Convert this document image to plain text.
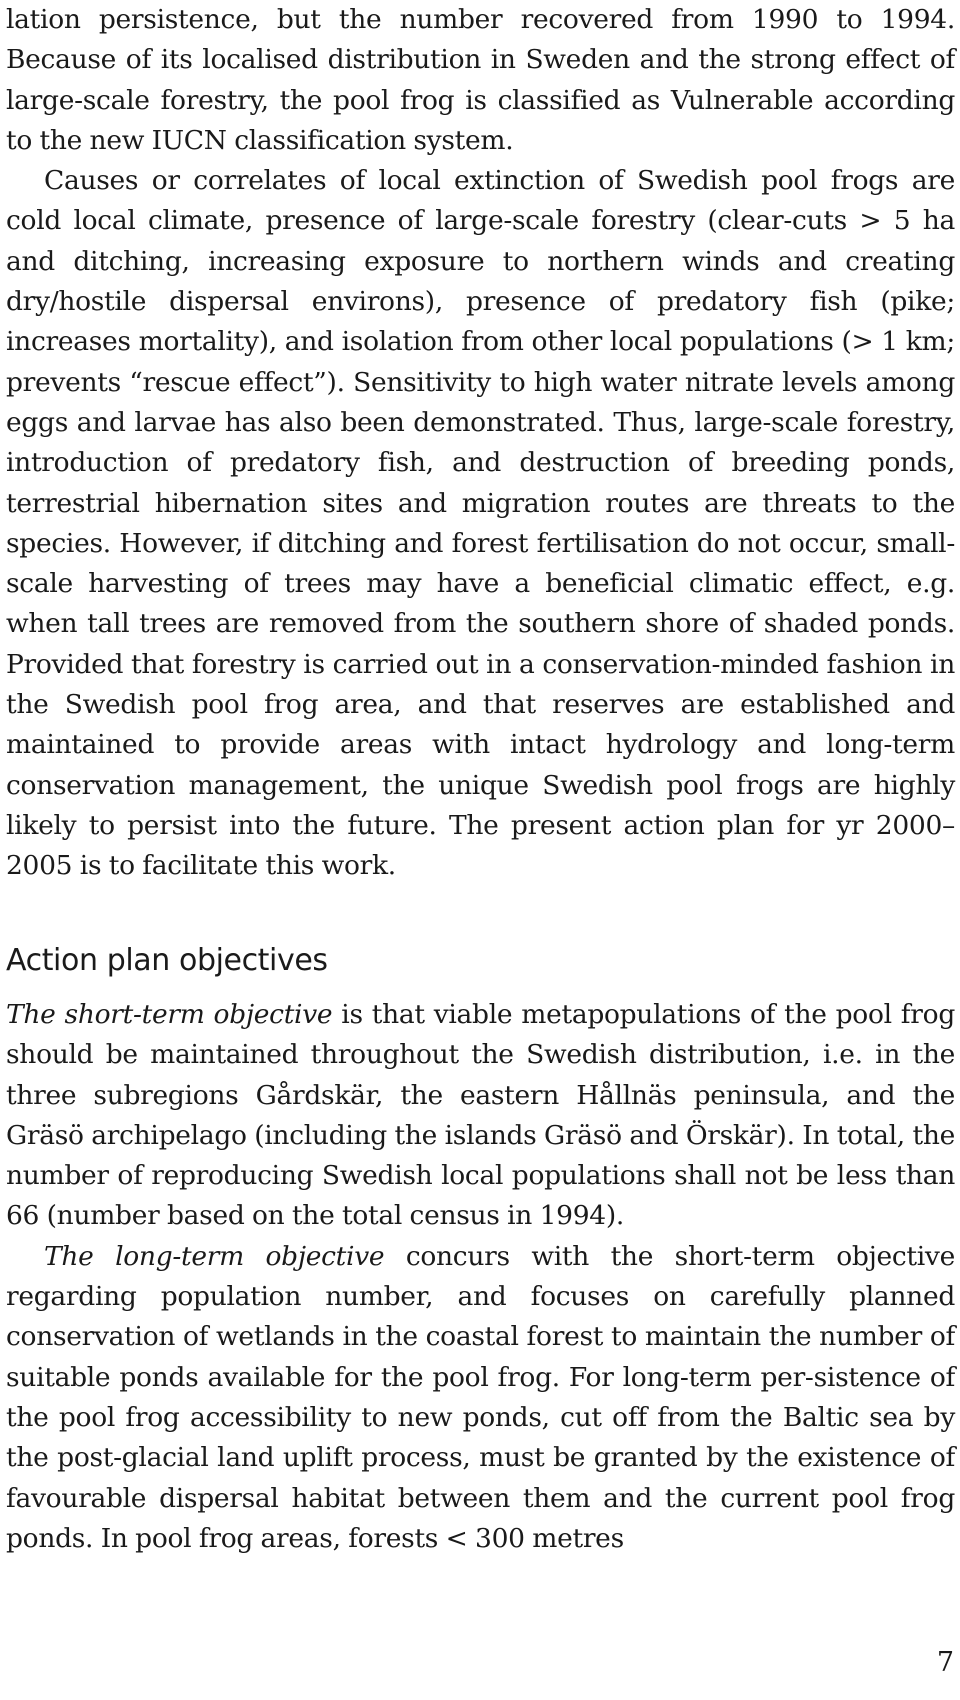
lation persistence, but the number recovered from 1990 to 1994. Because of its localised distribution in Sweden and the strong effect of large-scale forestry, the pool frog is classified as Vulnerable according to the new IUCN classification system.

Causes or correlates of local extinction of Swedish pool frogs are cold local climate, presence of large-scale forestry (clear-cuts > 5 ha and ditching, increasing exposure to northern winds and creating dry/hostile dispersal environs), presence of predatory fish (pike; increases mortality), and isolation from other local populations (> 1 km; prevents “rescue effect”). Sensitivity to high water nitrate levels among eggs and larvae has also been demonstrated. Thus, large-scale forestry, introduction of predatory fish, and destruction of breeding ponds, terrestrial hibernation sites and migration routes are threats to the species. However, if ditching and forest fertilisation do not occur, small-scale harvesting of trees may have a beneficial climatic effect, e.g. when tall trees are removed from the southern shore of shaded ponds. Provided that forestry is carried out in a conservation-minded fashion in the Swedish pool frog area, and that reserves are established and maintained to provide areas with intact hydrology and long-term conservation management, the unique Swedish pool frogs are highly likely to persist into the future. The present action plan for yr 2000–2005 is to facilitate this work.

Action plan objectives

The short-term objective is that viable metapopulations of the pool frog should be maintained throughout the Swedish distribution, i.e. in the three subregions Gårdskär, the eastern Hållnäs peninsula, and the Gräsö archipelago (including the islands Gräsö and Örskär). In total, the number of reproducing Swedish local populations shall not be less than 66 (number based on the total census in 1994).

The long-term objective concurs with the short-term objective regarding population number, and focuses on carefully planned conservation of wetlands in the coastal forest to maintain the number of suitable ponds available for the pool frog. For long-term per-sistence of the pool frog accessibility to new ponds, cut off from the Baltic sea by the post-glacial land uplift process, must be granted by the existence of favourable dispersal habitat between them and the current pool frog ponds. In pool frog areas, forests < 300 metres

7
